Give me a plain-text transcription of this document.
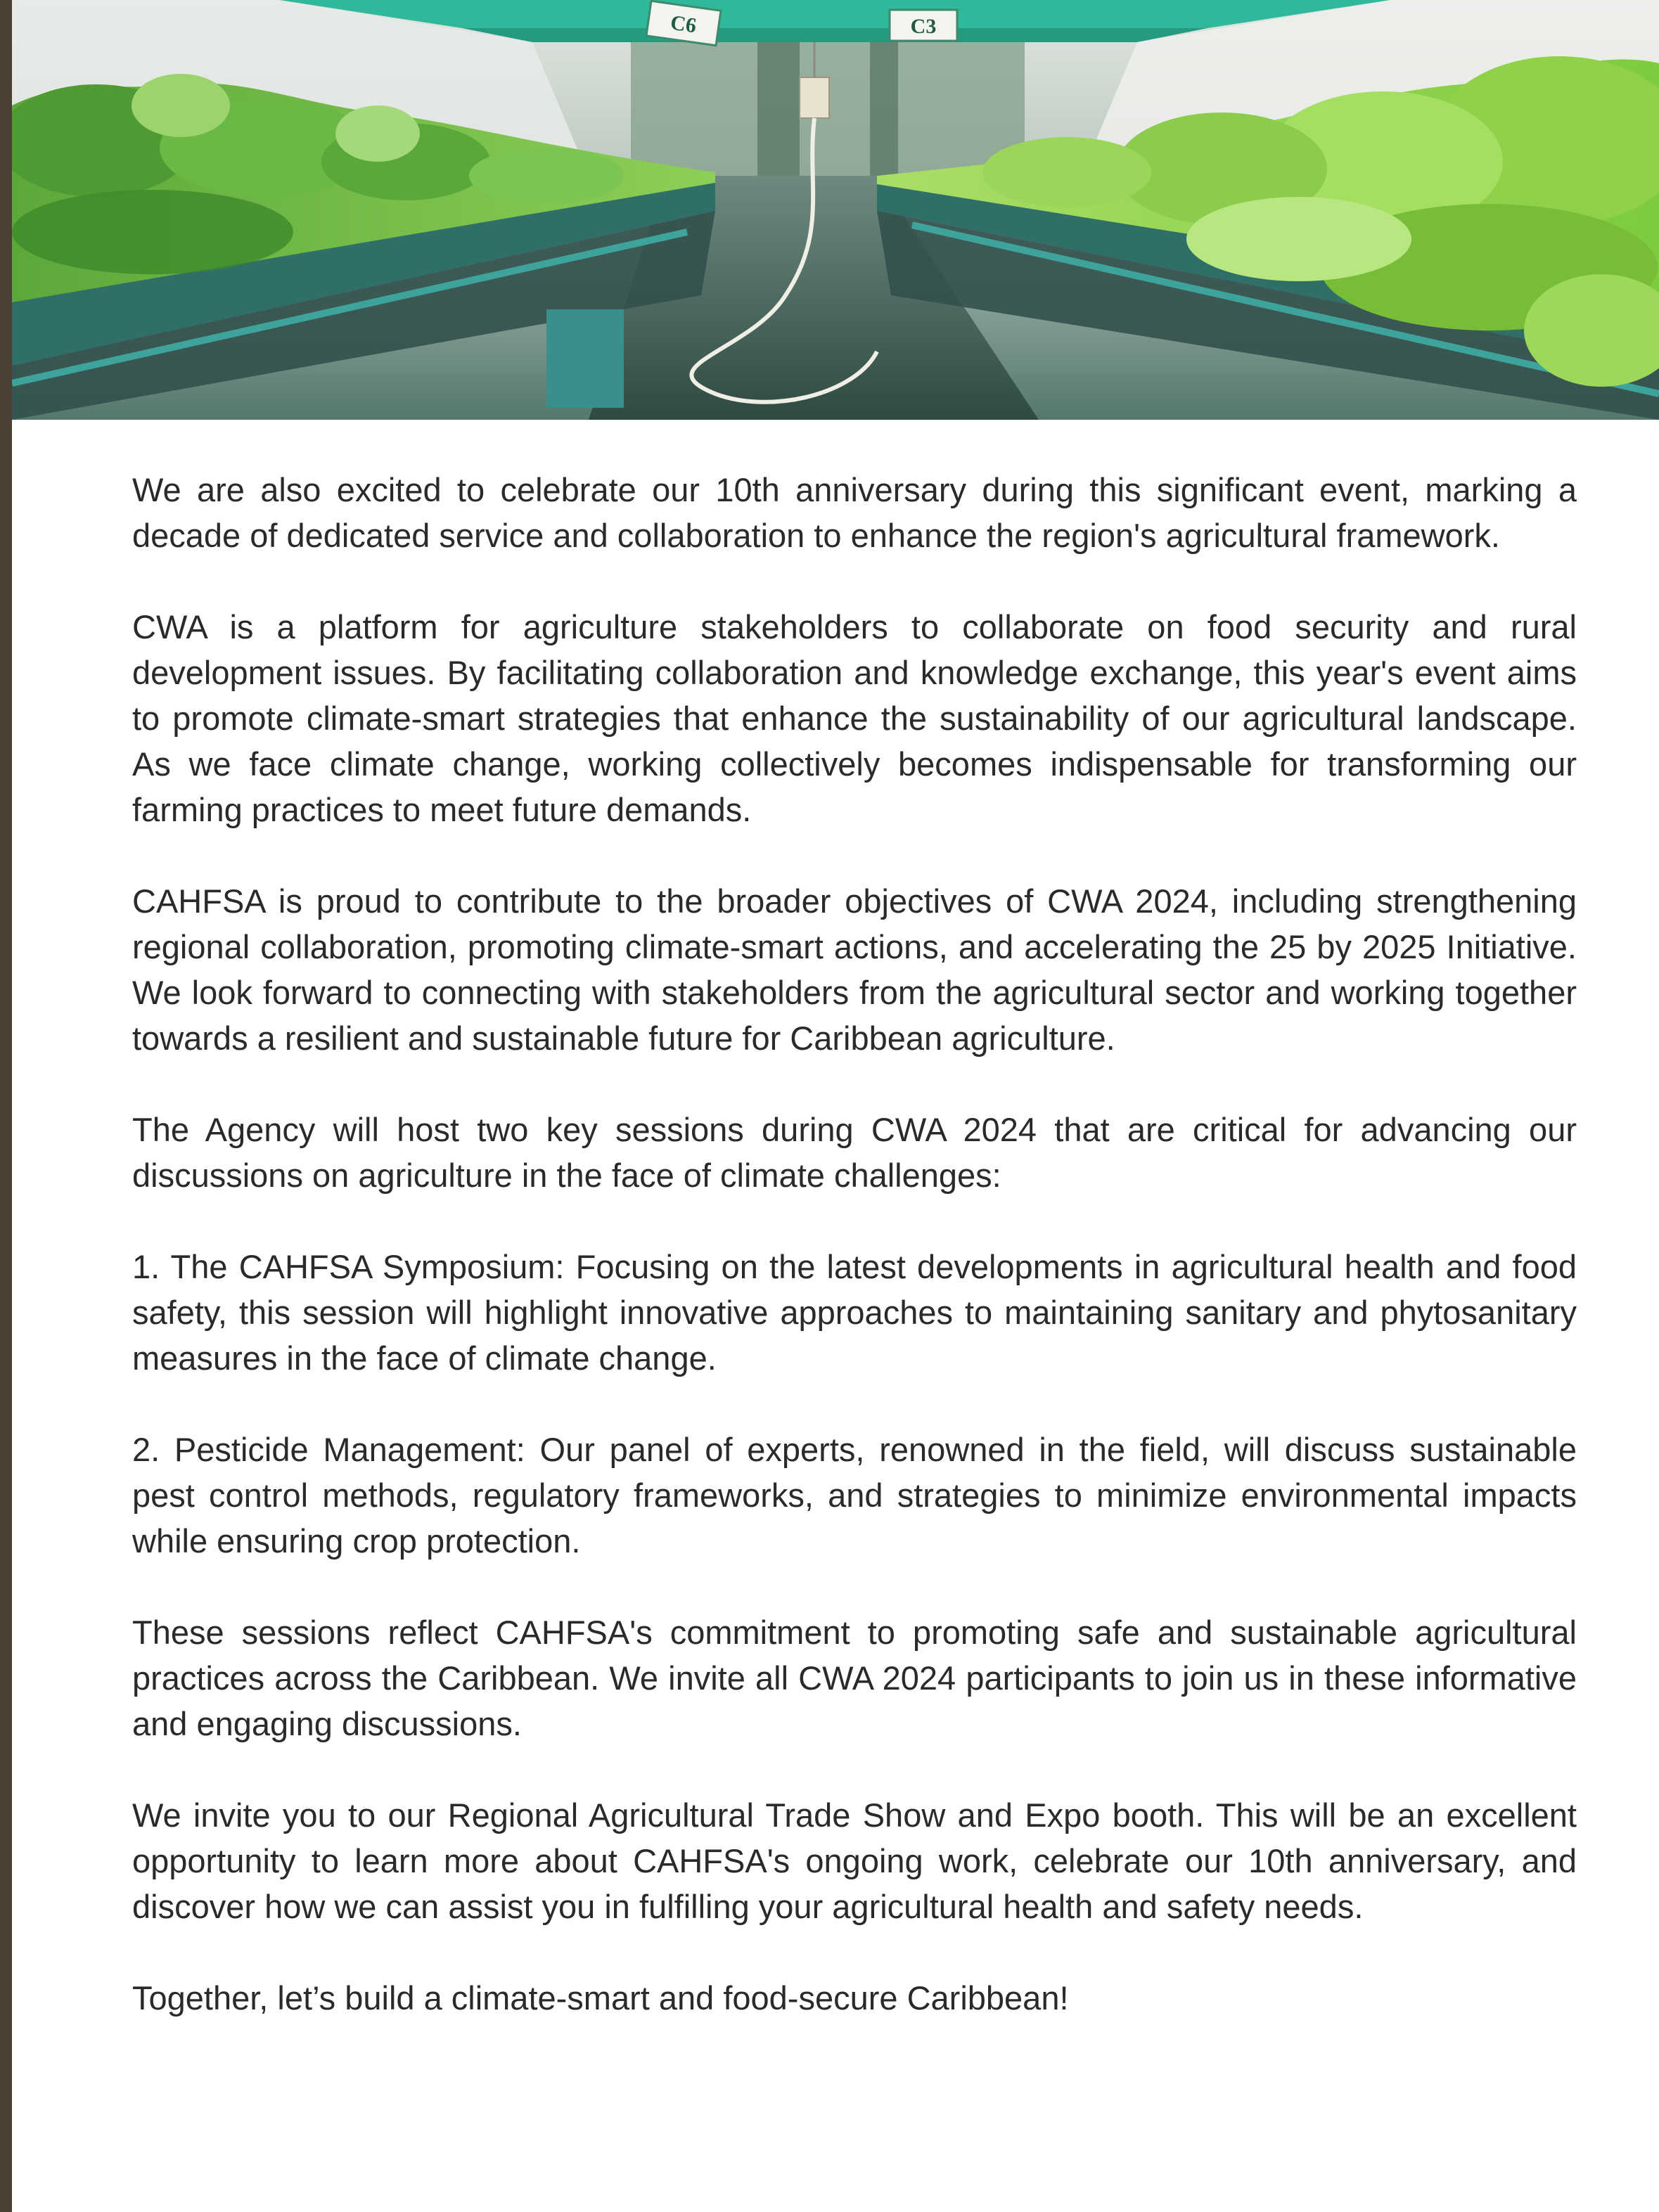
C6	C3

We are also excited to celebrate our 10th anniversary during this significant event, marking a decade of dedicated service and collaboration to enhance the region's agricultural framework.

CWA is a platform for agriculture stakeholders to collaborate on food security and rural development issues. By facilitating collaboration and knowledge exchange, this year's event aims to promote climate-smart strategies that enhance the sustainability of our agricultural landscape. As we face climate change, working collectively becomes indispensable for transforming our farming practices to meet future demands.

CAHFSA is proud to contribute to the broader objectives of CWA 2024, including strengthening regional collaboration, promoting climate-smart actions, and accelerating the 25 by 2025 Initiative. We look forward to connecting with stakeholders from the agricultural sector and working together towards a resilient and sustainable future for Caribbean agriculture.

The Agency will host two key sessions during CWA 2024 that are critical for advancing our discussions on agriculture in the face of climate challenges:

1. The CAHFSA Symposium: Focusing on the latest developments in agricultural health and food safety, this session will highlight innovative approaches to maintaining sanitary and phytosanitary measures in the face of climate change.

2. Pesticide Management: Our panel of experts, renowned in the field, will discuss sustainable pest control methods, regulatory frameworks, and strategies to minimize environmental impacts while ensuring crop protection.

These sessions reflect CAHFSA's commitment to promoting safe and sustainable agricultural practices across the Caribbean. We invite all CWA 2024 participants to join us in these informative and engaging discussions.

We invite you to our Regional Agricultural Trade Show and Expo booth. This will be an excellent opportunity to learn more about CAHFSA's ongoing work, celebrate our 10th anniversary, and discover how we can assist you in fulfilling your agricultural health and safety needs.

Together, let’s build a climate-smart and food-secure Caribbean!
